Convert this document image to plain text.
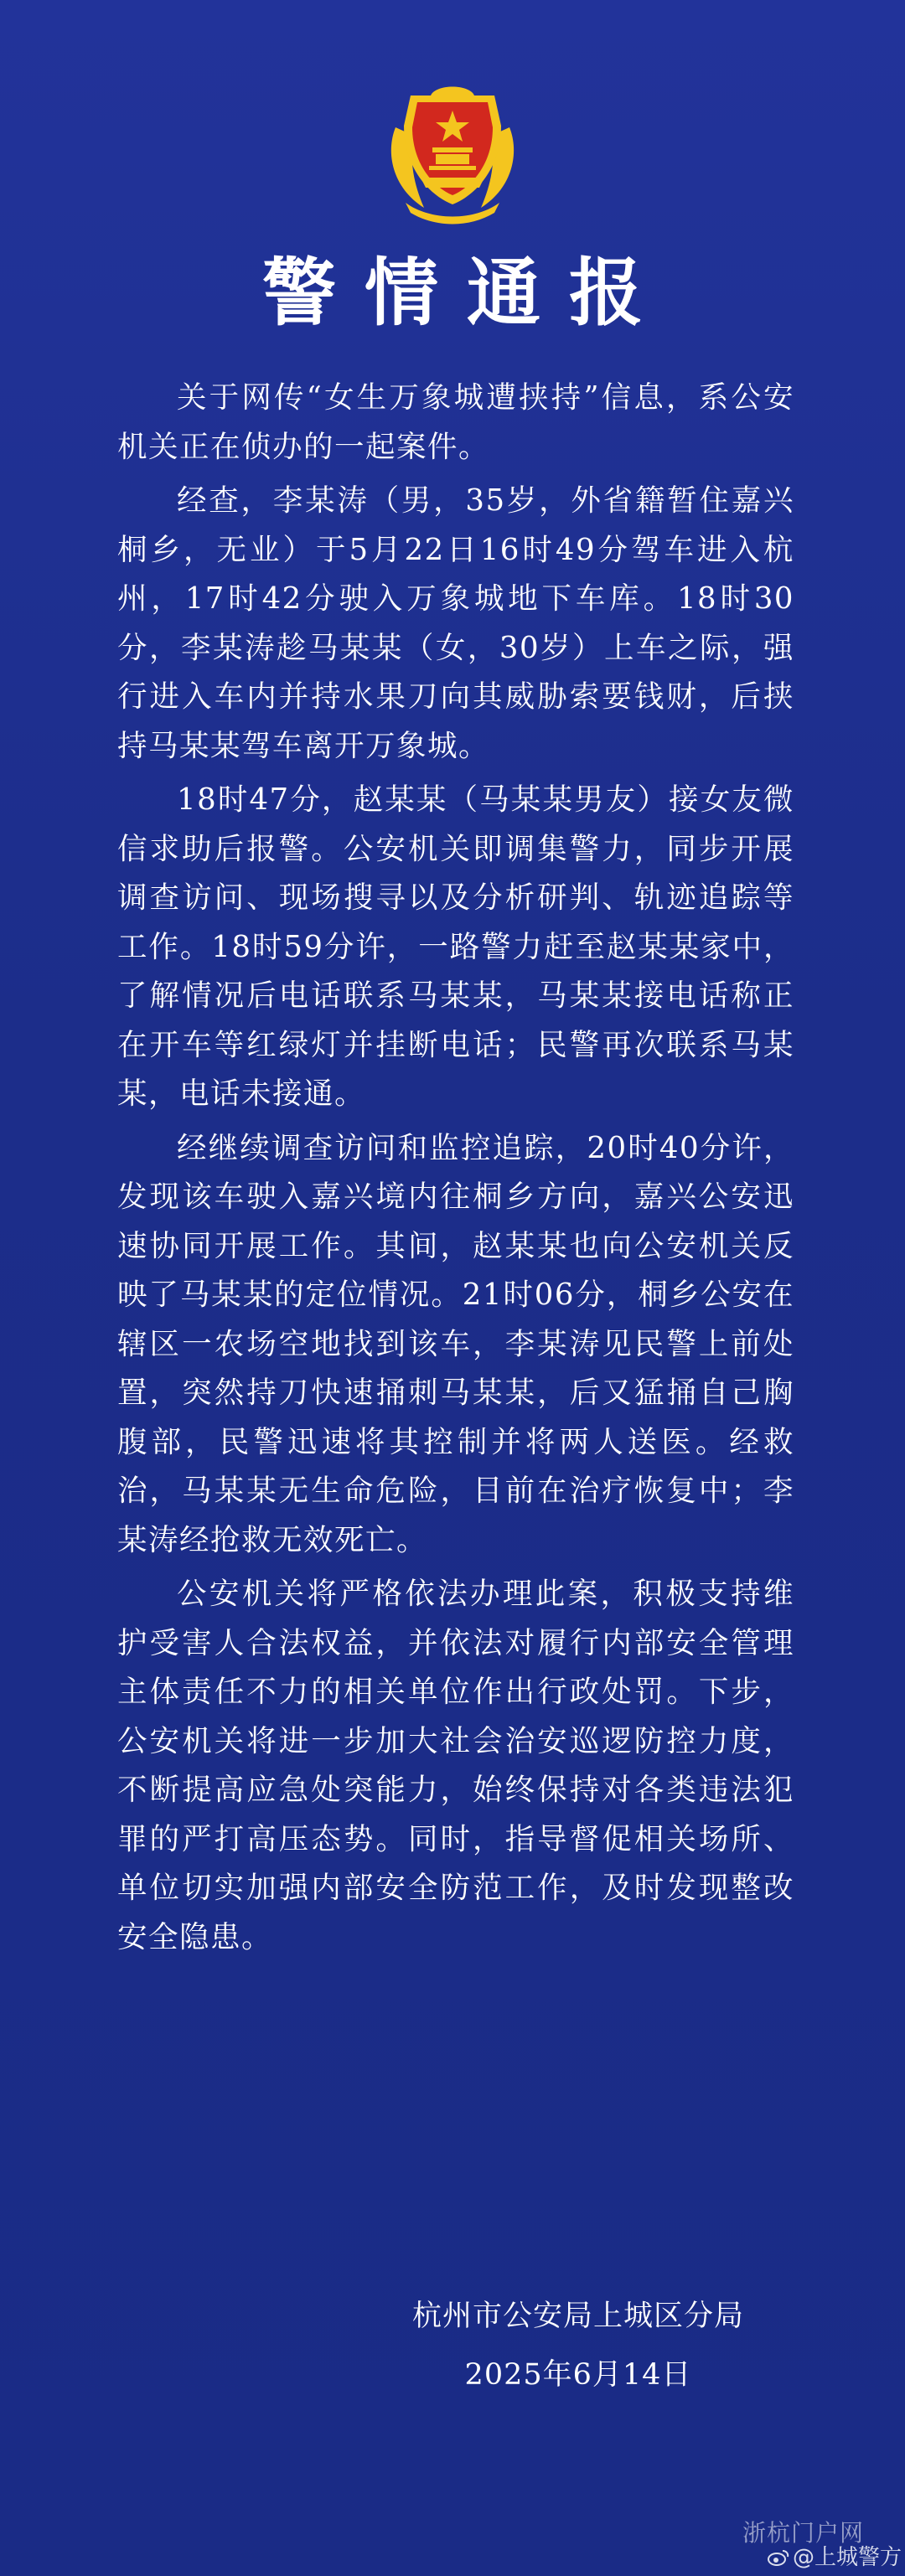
警情通报

关于网传“女生万象城遭挟持”信息，系公安机关正在侦办的一起案件。

经查，李某涛（男，35岁，外省籍暂住嘉兴桐乡，无业）于5月22日16时49分驾车进入杭州，17时42分驶入万象城地下车库。18时30分，李某涛趁马某某（女，30岁）上车之际，强行进入车内并持水果刀向其威胁索要钱财，后挟持马某某驾车离开万象城。

18时47分，赵某某（马某某男友）接女友微信求助后报警。公安机关即调集警力，同步开展调查访问、现场搜寻以及分析研判、轨迹追踪等工作。18时59分许，一路警力赶至赵某某家中，了解情况后电话联系马某某，马某某接电话称正在开车等红绿灯并挂断电话；民警再次联系马某某，电话未接通。

经继续调查访问和监控追踪，20时40分许，发现该车驶入嘉兴境内往桐乡方向，嘉兴公安迅速协同开展工作。其间，赵某某也向公安机关反映了马某某的定位情况。21时06分，桐乡公安在辖区一农场空地找到该车，李某涛见民警上前处置，突然持刀快速捅刺马某某，后又猛捅自己胸腹部，民警迅速将其控制并将两人送医。经救治，马某某无生命危险，目前在治疗恢复中；李某涛经抢救无效死亡。

公安机关将严格依法办理此案，积极支持维护受害人合法权益，并依法对履行内部安全管理主体责任不力的相关单位作出行政处罚。下步，公安机关将进一步加大社会治安巡逻防控力度，不断提高应急处突能力，始终保持对各类违法犯罪的严打高压态势。同时，指导督促相关场所、单位切实加强内部安全防范工作，及时发现整改安全隐患。

杭州市公安局上城区分局
2025年6月14日
浙杭门户网
@上城警方
